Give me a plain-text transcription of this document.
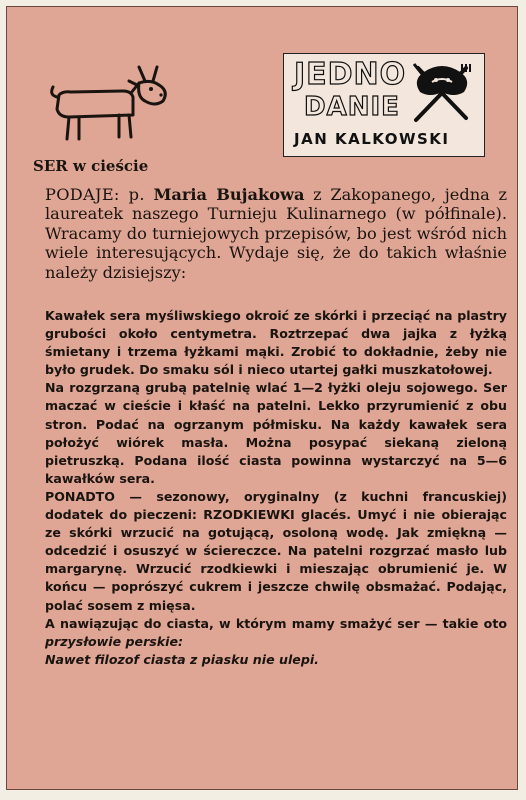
JEDNO
DANIE
JAN KALKOWSKI
SER w cieście
PODAJE: p. Maria Bujakowa z Zakopanego, jedna z laureatek naszego Turnieju Kulinarnego (w półfinale). Wracamy do turniejowych przepisów, bo jest wśród nich wiele interesujących. Wydaje się, że do takich właśnie należy dzisiejszy:

Kawałek sera myśliwskiego okroić ze skórki i przeciąć na plastry grubości około centymetra. Roztrzepać dwa jajka z łyżką śmietany i trzema łyżkami mąki. Zrobić to dokładnie, żeby nie było grudek. Do smaku sól i nieco utartej gałki muszkatołowej.

Na rozgrzaną grubą patelnię wlać 1—2 łyżki oleju sojowego. Ser maczać w cieście i kłaść na patelni. Lekko przyrumienić z obu stron. Podać na ogrzanym półmisku. Na każdy kawałek sera położyć wiórek masła. Można posypać siekaną zieloną pietruszką. Podana ilość ciasta powinna wystarczyć na 5—6 kawałków sera.

PONADTO — sezonowy, oryginalny (z kuchni francuskiej) dodatek do pieczeni: RZODKIEWKI glacés. Umyć i nie obierając ze skórki wrzucić na gotującą, osoloną wodę. Jak zmiękną — odcedzić i osuszyć w ściereczce. Na patelni rozgrzać masło lub margarynę. Wrzucić rzodkiewki i mieszając obrumienić je. W końcu — poprószyć cukrem i jeszcze chwilę obsmażać. Podając, polać sosem z mięsa.

A nawiązując do ciasta, w którym mamy smażyć ser — takie oto przysłowie perskie:

Nawet filozof ciasta z piasku nie ulepi.
